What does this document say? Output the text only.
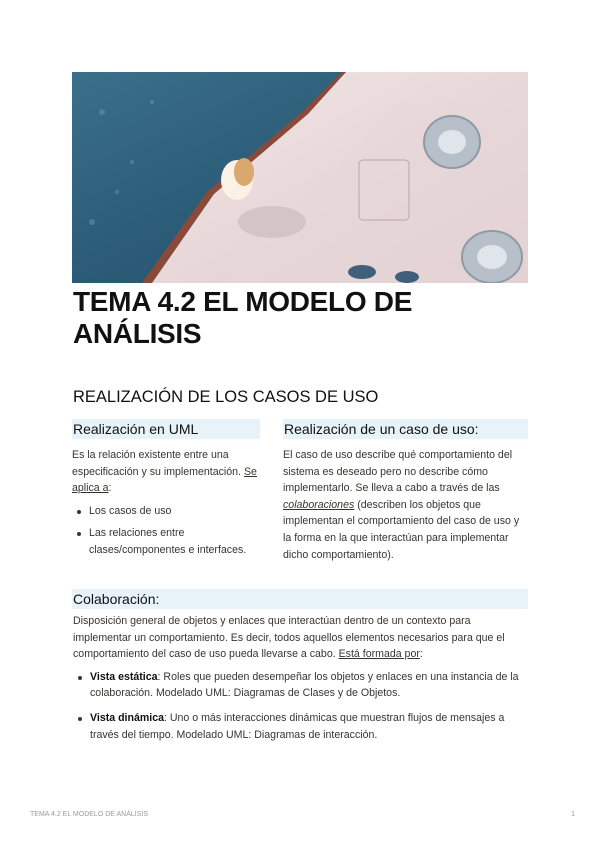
TEMA 4.2 EL MODELO DE
ANÁLISIS
REALIZACIÓN DE LOS CASOS DE USO
Realización en UML

Es la relación existente entre una especificación y su implementación. Se aplica a:

Los casos de uso
Las relaciones entre clases/componentes e interfaces.
Realización de un caso de uso:

El caso de uso describe qué comportamiento del sistema es deseado pero no describe cómo implementarlo. Se lleva a cabo a través de las colaboraciones (describen los objetos que implementan el comportamiento del caso de uso y la forma en la que interactúan para implementar dicho comportamiento).

Colaboración:

Disposición general de objetos y enlaces que interactúan dentro de un contexto para implementar un comportamiento. Es decir, todos aquellos elementos necesarios para que el comportamiento del caso de uso pueda llevarse a cabo. Está formada por:

Vista estática: Roles que pueden desempeñar los objetos y enlaces en una instancia de la colaboración. Modelado UML: Diagramas de Clases y de Objetos.
Vista dinámica: Uno o más interacciones dinámicas que muestran flujos de mensajes a través del tiempo. Modelado UML: Diagramas de interacción.
TEMA 4.2 EL MODELO DE ANÁLISIS	1
